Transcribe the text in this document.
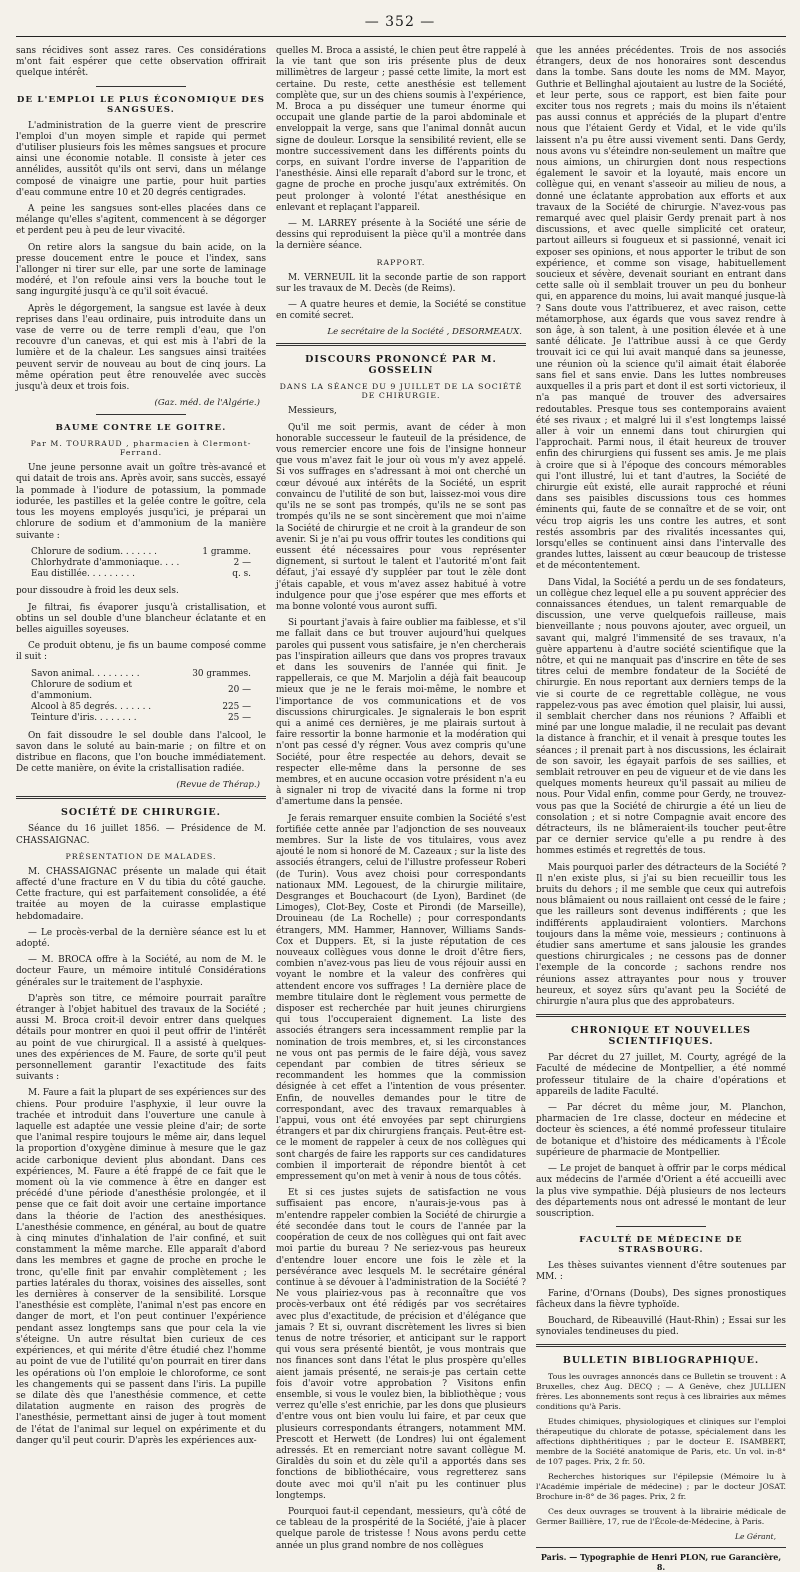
— 352 —

sans récidives sont assez rares. Ces considérations m'ont fait espérer que cette observation offrirait quelque intérêt.

DE L'EMPLOI LE PLUS ÉCONOMIQUE DES SANGSUES.

L'administration de la guerre vient de prescrire l'emploi d'un moyen simple et rapide qui permet d'utiliser plusieurs fois les mêmes sangsues et procure ainsi une économie notable. Il consiste à jeter ces annélides, aussitôt qu'ils ont servi, dans un mélange composé de vinaigre une partie, pour huit parties d'eau commune entre 10 et 20 degrés centigrades.

A peine les sangsues sont-elles placées dans ce mélange qu'elles s'agitent, commencent à se dégorger et perdent peu à peu de leur vivacité.

On retire alors la sangsue du bain acide, on la presse doucement entre le pouce et l'index, sans l'allonger ni tirer sur elle, par une sorte de laminage modéré, et l'on refoule ainsi vers la bouche tout le sang ingurgité jusqu'à ce qu'il soit évacué.

Après le dégorgement, la sangsue est lavée à deux reprises dans l'eau ordinaire, puis introduite dans un vase de verre ou de terre rempli d'eau, que l'on recouvre d'un canevas, et qui est mis à l'abri de la lumière et de la chaleur. Les sangsues ainsi traitées peuvent servir de nouveau au bout de cinq jours. La même opération peut être renouvelée avec succès jusqu'à deux et trois fois.

(Gaz. méd. de l'Algérie.)
BAUME CONTRE LE GOITRE.
Par M. TOURRAUD , pharmacien à Clermont-Ferrand.

Une jeune personne avait un goître très-avancé et qui datait de trois ans. Après avoir, sans succès, essayé la pommade à l'iodure de potassium, la pommade iodurée, les pastilles et la gelée contre le goître, cela tous les moyens employés jusqu'ici, je préparai un chlorure de sodium et d'ammonium de la manière suivante :

Chlorure de sodium. . . . . . .	1 gramme.
Chlorhydrate d'ammoniaque. . . .	2 —
Eau distillée. . . . . . . . .	q. s.

pour dissoudre à froid les deux sels.

Je filtrai, fis évaporer jusqu'à cristallisation, et obtins un sel double d'une blancheur éclatante et en belles aiguilles soyeuses.

Ce produit obtenu, je fis un baume composé comme il suit :

Savon animal. . . . . . . . .	30 grammes.
Chlorure de sodium et d'ammonium.	20 —
Alcool à 85 degrés. . . . . . .	225 —
Teinture d'iris. . . . . . . .	25 —

On fait dissoudre le sel double dans l'alcool, le savon dans le soluté au bain-marie ; on filtre et on distribue en flacons, que l'on bouche immédiatement. De cette manière, on évite la cristallisation radiée.

(Revue de Thérap.)
SOCIÉTÉ DE CHIRURGIE.

Séance du 16 juillet 1856. — Présidence de M. CHASSAIGNAC.

PRÉSENTATION DE MALADES.

M. CHASSAIGNAC présente un malade qui était affecté d'une fracture en V du tibia du côté gauche. Cette fracture, qui est parfaitement consolidée, a été traitée au moyen de la cuirasse emplastique hebdomadaire.

— Le procès-verbal de la dernière séance est lu et adopté.

— M. BROCA offre à la Société, au nom de M. le docteur Faure, un mémoire intitulé Considérations générales sur le traitement de l'asphyxie.

D'après son titre, ce mémoire pourrait paraître étranger à l'objet habituel des travaux de la Société ; aussi M. Broca croit-il devoir entrer dans quelques détails pour montrer en quoi il peut offrir de l'intérêt au point de vue chirurgical. Il a assisté à quelques-unes des expériences de M. Faure, de sorte qu'il peut personnellement garantir l'exactitude des faits suivants :

M. Faure a fait la plupart de ses expériences sur des chiens. Pour produire l'asphyxie, il leur ouvre la trachée et introduit dans l'ouverture une canule à laquelle est adaptée une vessie pleine d'air; de sorte que l'animal respire toujours le même air, dans lequel la proportion d'oxygène diminue à mesure que le gaz acide carbonique devient plus abondant. Dans ces expériences, M. Faure a été frappé de ce fait que le moment où la vie commence à être en danger est précédé d'une période d'anesthésie prolongée, et il pense que ce fait doit avoir une certaine importance dans la théorie de l'action des anesthésiques. L'anesthésie commence, en général, au bout de quatre à cinq minutes d'inhalation de l'air confiné, et suit constamment la même marche. Elle apparaît d'abord dans les membres et gagne de proche en proche le tronc, qu'elle finit par envahir complètement ; les parties latérales du thorax, voisines des aisselles, sont les dernières à conserver de la sensibilité. Lorsque l'anesthésie est complète, l'animal n'est pas encore en danger de mort, et l'on peut continuer l'expérience pendant assez longtemps sans que pour cela la vie s'éteigne. Un autre résultat bien curieux de ces expériences, et qui mérite d'être étudié chez l'homme au point de vue de l'utilité qu'on pourrait en tirer dans les opérations où l'on emploie le chloroforme, ce sont les changements qui se passent dans l'iris. La pupille se dilate dès que l'anesthésie commence, et cette dilatation augmente en raison des progrès de l'anesthésie, permettant ainsi de juger à tout moment de l'état de l'animal sur lequel on expérimente et du danger qu'il peut courir. D'après les expériences aux-

quelles M. Broca a assisté, le chien peut être rappelé à la vie tant que son iris présente plus de deux millimètres de largeur ; passé cette limite, la mort est certaine. Du reste, cette anesthésie est tellement complète que, sur un des chiens soumis à l'expérience, M. Broca a pu disséquer une tumeur énorme qui occupait une glande partie de la paroi abdominale et enveloppait la verge, sans que l'animal donnât aucun signe de douleur. Lorsque la sensibilité revient, elle se montre successivement dans les différents points du corps, en suivant l'ordre inverse de l'apparition de l'anesthésie. Ainsi elle reparaît d'abord sur le tronc, et gagne de proche en proche jusqu'aux extrémités. On peut prolonger à volonté l'état anesthésique en enlevant et replaçant l'appareil.

— M. LARREY présente à la Société une série de dessins qui reproduisent la pièce qu'il a montrée dans la dernière séance.

RAPPORT.

M. VERNEUIL lit la seconde partie de son rapport sur les travaux de M. Decès (de Reims).

— A quatre heures et demie, la Société se constitue en comité secret.

Le secrétaire de la Société , DESORMEAUX.
DISCOURS PRONONCÉ PAR M. GOSSELIN
DANS LA SÉANCE DU 9 JUILLET DE LA SOCIÉTÉ DE CHIRURGIE.

Messieurs,

Qu'il me soit permis, avant de céder à mon honorable successeur le fauteuil de la présidence, de vous remercier encore une fois de l'insigne honneur que vous m'avez fait le jour où vous m'y avez appelé. Si vos suffrages en s'adressant à moi ont cherché un cœur dévoué aux intérêts de la Société, un esprit convaincu de l'utilité de son but, laissez-moi vous dire qu'ils ne se sont pas trompés, qu'ils ne se sont pas trompés qu'ils ne se sont sincèrement que moi n'aime la Société de chirurgie et ne croit à la grandeur de son avenir. Si je n'ai pu vous offrir toutes les conditions qui eussent été nécessaires pour vous représenter dignement, si surtout le talent et l'autorité m'ont fait défaut, j'ai essayé d'y suppléer par tout le zèle dont j'étais capable, et vous m'avez assez habitué à votre indulgence pour que j'ose espérer que mes efforts et ma bonne volonté vous auront suffi.

Si pourtant j'avais à faire oublier ma faiblesse, et s'il me fallait dans ce but trouver aujourd'hui quelques paroles qui pussent vous satisfaire, je n'en chercherais pas l'inspiration ailleurs que dans vos propres travaux et dans les souvenirs de l'année qui finit. Je rappellerais, ce que M. Marjolin a déjà fait beaucoup mieux que je ne le ferais moi-même, le nombre et l'importance de vos communications et de vos discussions chirurgicales. Je signalerais le bon esprit qui a animé ces dernières, je me plairais surtout à faire ressortir la bonne harmonie et la modération qui n'ont pas cessé d'y régner. Vous avez compris qu'une Société, pour être respectée au dehors, devait se respecter elle-même dans la personne de ses membres, et en aucune occasion votre président n'a eu à signaler ni trop de vivacité dans la forme ni trop d'amertume dans la pensée.

Je ferais remarquer ensuite combien la Société s'est fortifiée cette année par l'adjonction de ses nouveaux membres. Sur la liste de vos titulaires, vous avez ajouté le nom si honoré de M. Cazeaux ; sur la liste des associés étrangers, celui de l'illustre professeur Roberi (de Turin). Vous avez choisi pour correspondants nationaux MM. Legouest, de la chirurgie militaire, Desgranges et Bouchacourt (de Lyon), Bardinet (de Limoges), Clot-Bey, Coste et Pirondi (de Marseille), Drouineau (de La Rochelle) ; pour correspondants étrangers, MM. Hammer, Hannover, Williams Sands-Cox et Duppers. Et, si la juste réputation de ces nouveaux collègues vous donne le droit d'être fiers, combien n'avez-vous pas lieu de vous réjouir aussi en voyant le nombre et la valeur des confrères qui attendent encore vos suffrages ! La dernière place de membre titulaire dont le règlement vous permette de disposer est recherchée par huit jeunes chirurgiens qui tous l'occuperaient dignement. La liste des associés étrangers sera incessamment remplie par la nomination de trois membres, et, si les circonstances ne vous ont pas permis de le faire déjà, vous savez cependant par combien de titres sérieux se recommandent les hommes que la commission désignée à cet effet a l'intention de vous présenter. Enfin, de nouvelles demandes pour le titre de correspondant, avec des travaux remarquables à l'appui, vous ont été envoyées par sept chirurgiens étrangers et par dix chirurgiens français. Peut-être est-ce le moment de rappeler à ceux de nos collègues qui sont chargés de faire les rapports sur ces candidatures combien il importerait de répondre bientôt à cet empressement qu'on met à venir à nous de tous côtés.

Et si ces justes sujets de satisfaction ne vous suffisaient pas encore, n'aurais-je-vous pas à m'entendre rappeler combien la Société de chirurgie a été secondée dans tout le cours de l'année par la coopération de ceux de nos collègues qui ont fait avec moi partie du bureau ? Ne seriez-vous pas heureux d'entendre louer encore une fois le zèle et la persévérance avec lesquels M. le secrétaire général continue à se dévouer à l'administration de la Société ? Ne vous plairiez-vous pas à reconnaître que vos procès-verbaux ont été rédigés par vos secrétaires avec plus d'exactitude, de précision et d'élégance que jamais ? Et si, ouvrant discrètement les livres si bien tenus de notre trésorier, et anticipant sur le rapport qui vous sera présenté bientôt, je vous montrais que nos finances sont dans l'état le plus prospère qu'elles aient jamais présenté, ne serais-je pas certain cette fois d'avoir votre approbation ? Visitons enfin ensemble, si vous le voulez bien, la bibliothèque ; vous verrez qu'elle s'est enrichie, par les dons que plusieurs d'entre vous ont bien voulu lui faire, et par ceux que plusieurs correspondants étrangers, notamment MM. Prescott et Herwett (de Londres) lui ont également adressés. Et en remerciant notre savant collègue M. Giraldès du soin et du zèle qu'il a apportés dans ses fonctions de bibliothécaire, vous regretterez sans doute avec moi qu'il n'ait pu les continuer plus longtemps.

Pourquoi faut-il cependant, messieurs, qu'à côté de ce tableau de la prospérité de la Société, j'aie à placer quelque parole de tristesse ! Nous avons perdu cette année un plus grand nombre de nos collègues

que les années précédentes. Trois de nos associés étrangers, deux de nos honoraires sont descendus dans la tombe. Sans doute les noms de MM. Mayor, Guthrie et Bellinghal ajoutaient au lustre de la Société, et leur perte, sous ce rapport, est bien faite pour exciter tous nos regrets ; mais du moins ils n'étaient pas aussi connus et appréciés de la plupart d'entre nous que l'étaient Gerdy et Vidal, et le vide qu'ils laissent n'a pu être aussi vivement senti. Dans Gerdy, nous avons vu s'éteindre non-seulement un maître que nous aimions, un chirurgien dont nous respections également le savoir et la loyauté, mais encore un collègue qui, en venant s'asseoir au milieu de nous, a donné une éclatante approbation aux efforts et aux travaux de la Société de chirurgie. N'avez-vous pas remarqué avec quel plaisir Gerdy prenait part à nos discussions, et avec quelle simplicité cet orateur, partout ailleurs si fougueux et si passionné, venait ici exposer ses opinions, et nous apporter le tribut de son expérience, et comme son visage, habituellement soucieux et sévère, devenait souriant en entrant dans cette salle où il semblait trouver un peu du bonheur qui, en apparence du moins, lui avait manqué jusque-là ? Sans doute vous l'attribuerez, et avec raison, cette métamorphose, aux égards que vous savez rendre à son âge, à son talent, à une position élevée et à une santé délicate. Je l'attribue aussi à ce que Gerdy trouvait ici ce qui lui avait manqué dans sa jeunesse, une réunion où la science qu'il aimait était élaborée sans fiel et sans envie. Dans les luttes nombreuses auxquelles il a pris part et dont il est sorti victorieux, il n'a pas manqué de trouver des adversaires redoutables. Presque tous ses contemporains avaient été ses rivaux ; et malgré lui il s'est longtemps laissé aller à voir un ennemi dans tout chirurgien qui l'approchait. Parmi nous, il était heureux de trouver enfin des chirurgiens qui fussent ses amis. Je me plais à croire que si à l'époque des concours mémorables qui l'ont illustré, lui et tant d'autres, la Société de chirurgie eût existé, elle aurait rapproché et réuni dans ses paisibles discussions tous ces hommes éminents qui, faute de se connaître et de se voir, ont vécu trop aigris les uns contre les autres, et sont restés assombris par des rivalités incessantes qui, lorsqu'elles se continuent ainsi dans l'intervalle des grandes luttes, laissent au cœur beaucoup de tristesse et de mécontentement.

Dans Vidal, la Société a perdu un de ses fondateurs, un collègue chez lequel elle a pu souvent apprécier des connaissances étendues, un talent remarquable de discussion, une verve quelquefois railleuse, mais bienveillante ; nous pouvons ajouter, avec orgueil, un savant qui, malgré l'immensité de ses travaux, n'a guère appartenu à d'autre société scientifique que la nôtre, et qui ne manquait pas d'inscrire en tête de ses titres celui de membre fondateur de la Société de chirurgie. En nous reportant aux derniers temps de la vie si courte de ce regrettable collègue, ne vous rappelez-vous pas avec émotion quel plaisir, lui aussi, il semblait chercher dans nos réunions ? Affaibli et miné par une longue maladie, il ne reculait pas devant la distance à franchir, et il venait à presque toutes les séances ; il prenait part à nos discussions, les éclairait de son savoir, les égayait parfois de ses saillies, et semblait retrouver en peu de vigueur et de vie dans les quelques moments heureux qu'il passait au milieu de nous. Pour Vidal enfin, comme pour Gerdy, ne trouvez-vous pas que la Société de chirurgie a été un lieu de consolation ; et si notre Compagnie avait encore des détracteurs, ils ne blâmeraient-ils toucher peut-être par ce dernier service qu'elle a pu rendre à des hommes estimés et regrettés de tous.

Mais pourquoi parler des détracteurs de la Société ? Il n'en existe plus, si j'ai su bien recueillir tous les bruits du dehors ; il me semble que ceux qui autrefois nous blâmaient ou nous raillaient ont cessé de le faire ; que les railleurs sont devenus indifférents ; que les indifférents applaudiraient volontiers. Marchons toujours dans la même voie, messieurs ; continuons à étudier sans amertume et sans jalousie les grandes questions chirurgicales ; ne cessons pas de donner l'exemple de la concorde ; sachons rendre nos réunions assez attrayantes pour nous y trouver heureux, et soyez sûrs qu'avant peu la Société de chirurgie n'aura plus que des approbateurs.

CHRONIQUE ET NOUVELLES SCIENTIFIQUES.

Par décret du 27 juillet, M. Courty, agrégé de la Faculté de médecine de Montpellier, a été nommé professeur titulaire de la chaire d'opérations et appareils de ladite Faculté.

— Par décret du même jour, M. Planchon, pharmacien de 1re classe, docteur en médecine et docteur ès sciences, a été nommé professeur titulaire de botanique et d'histoire des médicaments à l'École supérieure de pharmacie de Montpellier.

— Le projet de banquet à offrir par le corps médical aux médecins de l'armée d'Orient a été accueilli avec la plus vive sympathie. Déjà plusieurs de nos lecteurs des départements nous ont adressé le montant de leur souscription.

FACULTÉ DE MÉDECINE DE STRASBOURG.

Les thèses suivantes viennent d'être soutenues par MM. :

Farine, d'Ornans (Doubs), Des signes pronostiques fâcheux dans la fièvre typhoïde.

Bouchard, de Ribeauvillé (Haut-Rhin) ; Essai sur les synoviales tendineuses du pied.

BULLETIN BIBLIOGRAPHIQUE.

Tous les ouvrages annoncés dans ce Bulletin se trouvent : A Bruxelles, chez Aug. DECQ ; — A Genève, chez JULLIEN frères. Les abonnements sont reçus à ces librairies aux mêmes conditions qu'à Paris.

Etudes chimiques, physiologiques et cliniques sur l'emploi thérapeutique du chlorate de potasse, spécialement dans les affections diphthéritiques ; par le docteur E. ISAMBERT, membre de la Société anatomique de Paris, etc. Un vol. in-8° de 107 pages. Prix, 2 fr. 50.

Recherches historiques sur l'épilepsie (Mémoire lu à l'Académie impériale de médecine) ; par le docteur JOSAT. Brochure in-8° de 36 pages. Prix, 2 fr.

Ces deux ouvrages se trouvent à la librairie médicale de Germer Baillière, 17, rue de l'École-de-Médecine, à Paris.

Le Gérant,
Paris. — Typographie de Henri PLON, rue Garancière, 8.
